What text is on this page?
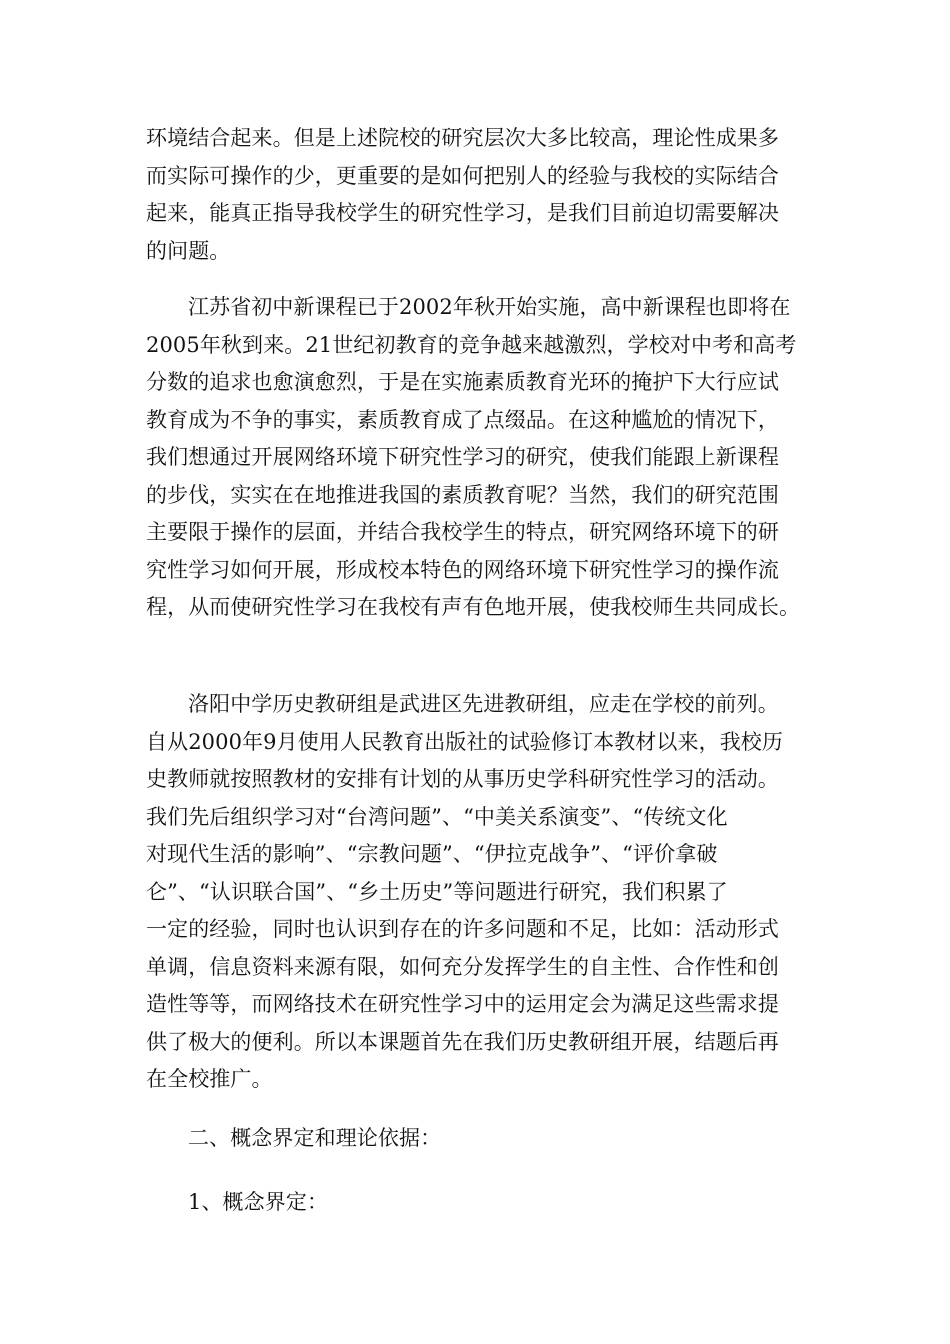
环境结合起来。但是上述院校的研究层次大多比较高，理论性成果多
而实际可操作的少，更重要的是如何把别人的经验与我校的实际结合
起来，能真正指导我校学生的研究性学习，是我们目前迫切需要解决
的问题。

江苏省初中新课程已于2002年秋开始实施，高中新课程也即将在
2005年秋到来。21世纪初教育的竞争越来越激烈，学校对中考和高考
分数的追求也愈演愈烈，于是在实施素质教育光环的掩护下大行应试
教育成为不争的事实，素质教育成了点缀品。在这种尴尬的情况下，
我们想通过开展网络环境下研究性学习的研究，使我们能跟上新课程
的步伐，实实在在地推进我国的素质教育呢？当然，我们的研究范围
主要限于操作的层面，并结合我校学生的特点，研究网络环境下的研
究性学习如何开展，形成校本特色的网络环境下研究性学习的操作流
程，从而使研究性学习在我校有声有色地开展，使我校师生共同成长。

洛阳中学历史教研组是武进区先进教研组，应走在学校的前列。
自从2000年9月使用人民教育出版社的试验修订本教材以来，我校历
史教师就按照教材的安排有计划的从事历史学科研究性学习的活动。
我们先后组织学习对“台湾问题”、“中美关系演变”、“传统文化
对现代生活的影响”、“宗教问题”、“伊拉克战争”、“评价拿破
仑”、“认识联合国”、“乡土历史”等问题进行研究，我们积累了
一定的经验，同时也认识到存在的许多问题和不足，比如：活动形式
单调，信息资料来源有限，如何充分发挥学生的自主性、合作性和创
造性等等，而网络技术在研究性学习中的运用定会为满足这些需求提
供了极大的便利。所以本课题首先在我们历史教研组开展，结题后再
在全校推广。

二、概念界定和理论依据：

1、概念界定：
